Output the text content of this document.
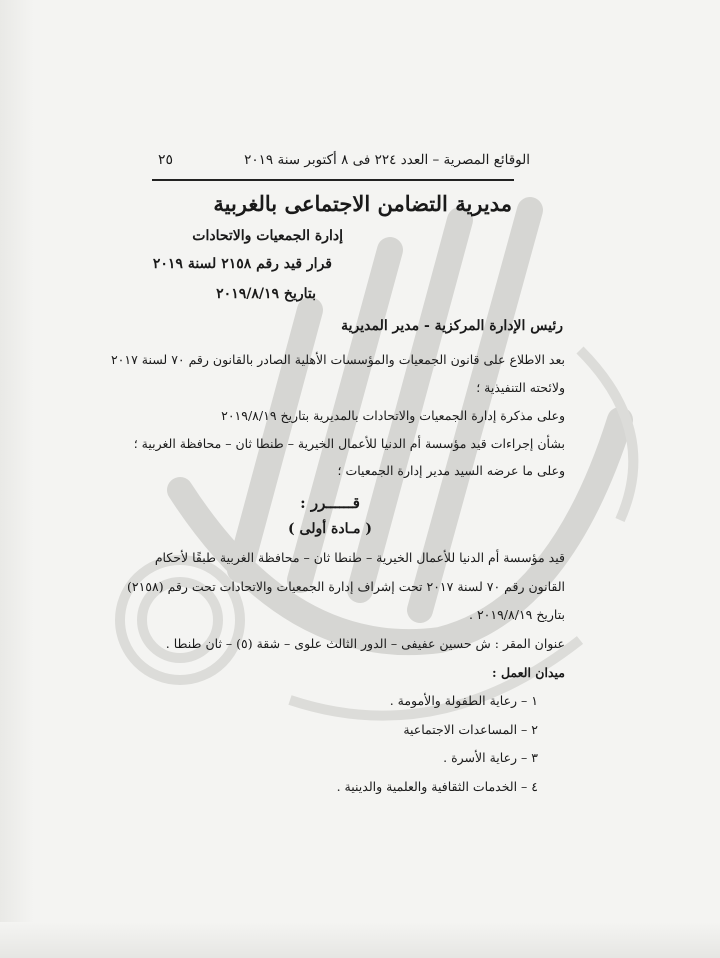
الوقائع المصرية – العدد ٢٢٤ فى ٨ أكتوبر سنة ٢٠١٩
٢٥
مديرية التضامن الاجتماعى بالغربية
إدارة الجمعيات والاتحادات
قرار قيد رقم ٢١٥٨ لسنة ٢٠١٩
بتاريخ ٢٠١٩/٨/١٩
رئيس الإدارة المركزية - مدير المديرية
بعد الاطلاع على قانون الجمعيات والمؤسسات الأهلية الصادر بالقانون رقم ٧٠ لسنة ٢٠١٧
ولائحته التنفيذية ؛
وعلى مذكرة إدارة الجمعيات والاتحادات بالمديرية بتاريخ ٢٠١٩/٨/١٩
بشأن إجراءات قيد مؤسسة أم الدنيا للأعمال الخيرية – طنطا ثان – محافظة الغربية ؛
وعلى ما عرضه السيد مدير إدارة الجمعيات ؛
قــــــرر :
( مـادة أولى )
قيد مؤسسة أم الدنيا للأعمال الخيرية – طنطا ثان – محافظة الغربية طبقًا لأحكام
القانون رقم ٧٠ لسنة ٢٠١٧ تحت إشراف إدارة الجمعيات والاتحادات تحت رقم (٢١٥٨)
بتاريخ ٢٠١٩/٨/١٩ .
عنوان المقر : ش حسين عفيفى – الدور الثالث علوى – شقة (٥) – ثان طنطا .
ميدان العمل :
١ – رعاية الطفولة والأمومة .
٢ – المساعدات الاجتماعية
٣ – رعاية الأسرة .
٤ – الخدمات الثقافية والعلمية والدينية .
